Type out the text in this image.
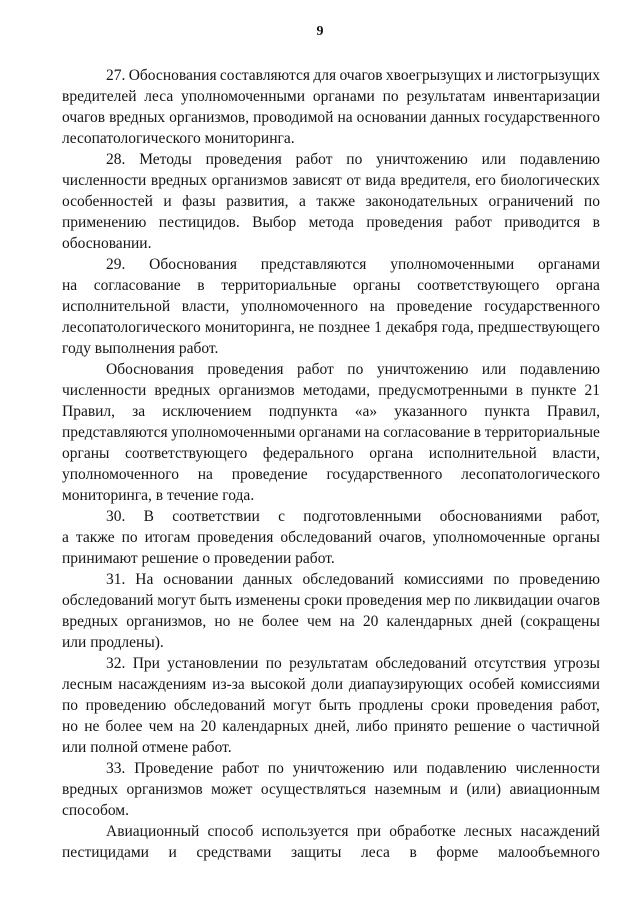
9
27. Обоснования составляются для очагов хвоегрызущих и листогрызущих
вредителей леса уполномоченными органами по результатам инвентаризации
очагов вредных организмов, проводимой на основании данных государственного
лесопатологического мониторинга.
28. Методы проведения работ по уничтожению или подавлению
численности вредных организмов зависят от вида вредителя, его биологических
особенностей и фазы развития, а также законодательных ограничений по
применению пестицидов. Выбор метода проведения работ приводится в
обосновании.
29. Обоснования представляются уполномоченными органами
на согласование в территориальные органы соответствующего органа
исполнительной власти, уполномоченного на проведение государственного
лесопатологического мониторинга, не позднее 1 декабря года, предшествующего
году выполнения работ.
Обоснования проведения работ по уничтожению или подавлению
численности вредных организмов методами, предусмотренными в пункте 21
Правил, за исключением подпункта «а» указанного пункта Правил,
представляются уполномоченными органами на согласование в территориальные
органы соответствующего федерального органа исполнительной власти,
уполномоченного на проведение государственного лесопатологического
мониторинга, в течение года.
30. В соответствии с подготовленными обоснованиями работ,
а также по итогам проведения обследований очагов, уполномоченные органы
принимают решение о проведении работ.
31. На основании данных обследований комиссиями по проведению
обследований могут быть изменены сроки проведения мер по ликвидации очагов
вредных организмов, но не более чем на 20 календарных дней (сокращены
или продлены).
32. При установлении по результатам обследований отсутствия угрозы
лесным насаждениям из-за высокой доли диапаузирующих особей комиссиями
по проведению обследований могут быть продлены сроки проведения работ,
но не более чем на 20 календарных дней, либо принято решение о частичной
или полной отмене работ.
33. Проведение работ по уничтожению или подавлению численности
вредных организмов может осуществляться наземным и (или) авиационным
способом.
Авиационный способ используется при обработке лесных насаждений
пестицидами и средствами защиты леса в форме малообъемного
